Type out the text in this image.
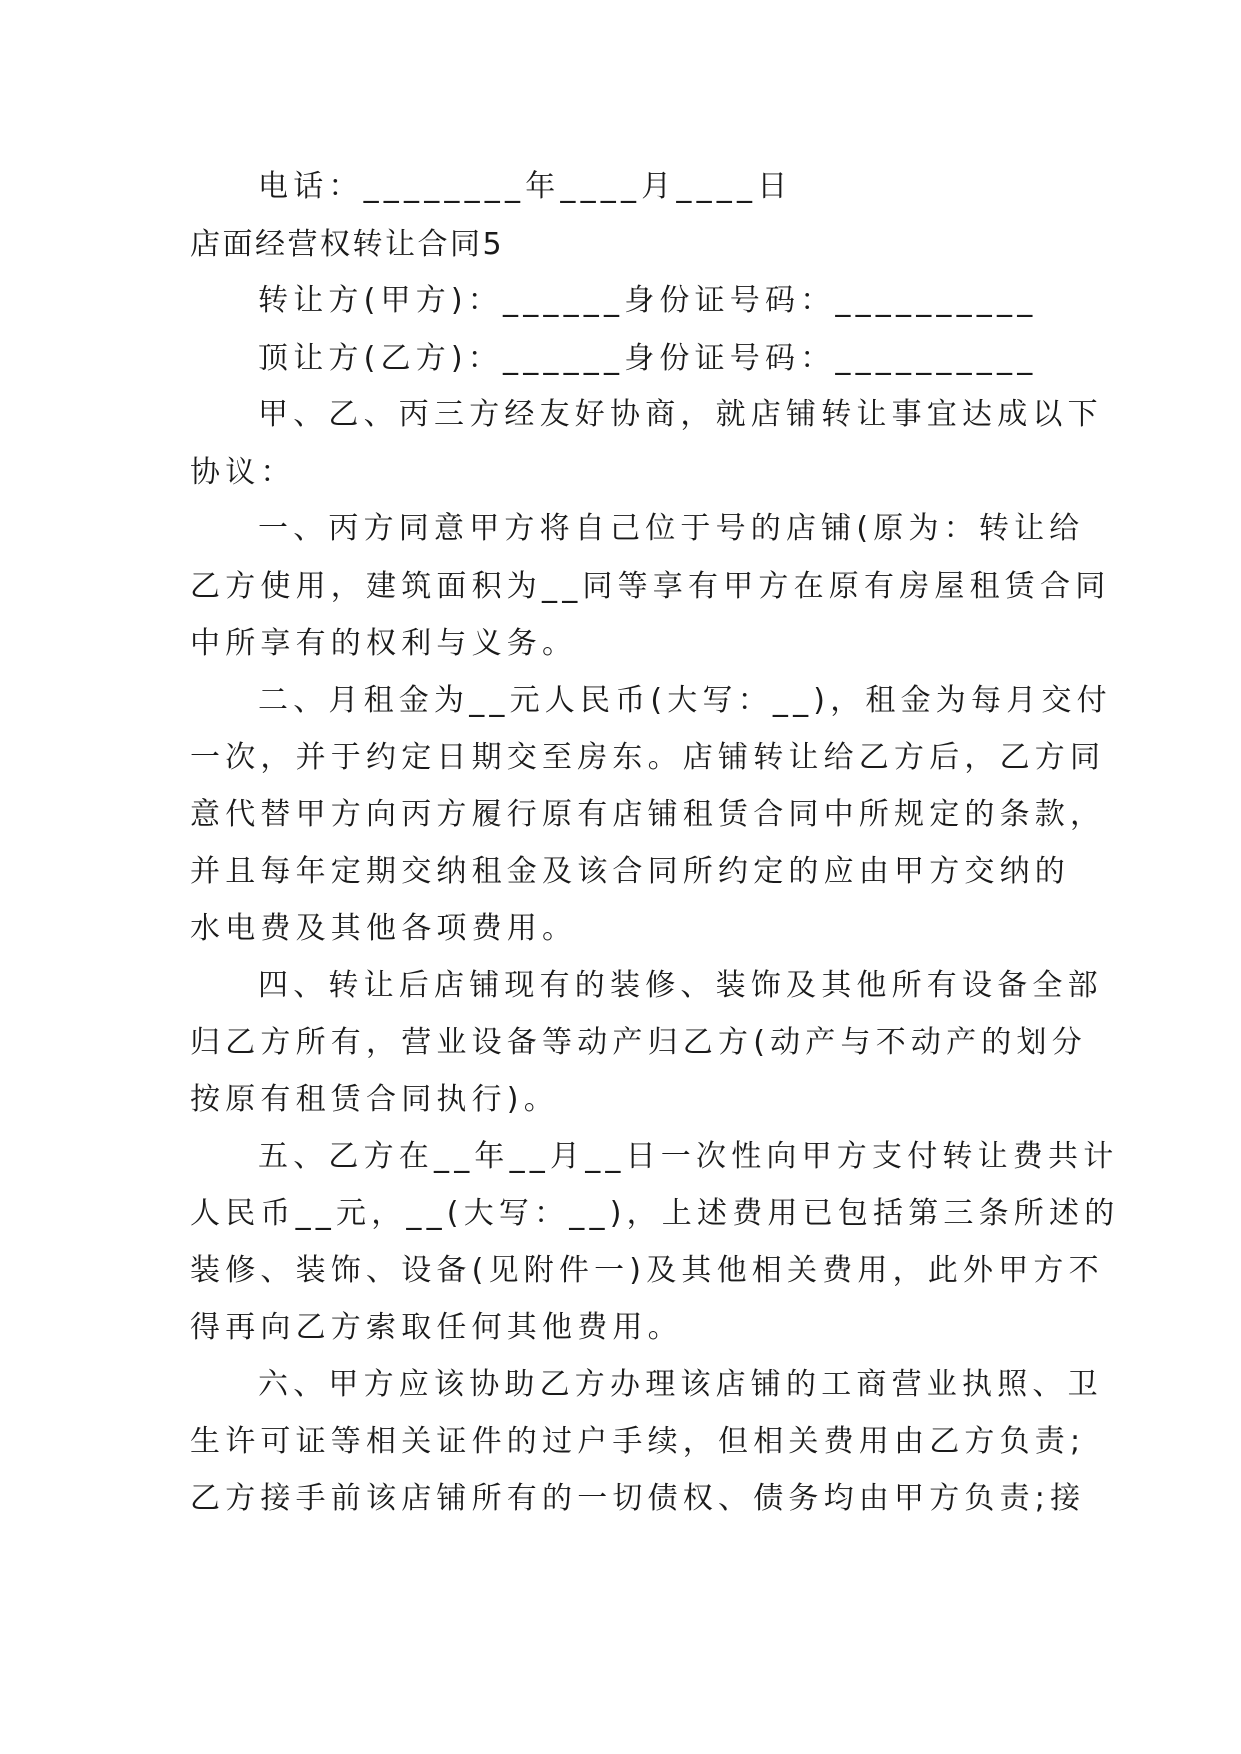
电话：________年____月____日
店面经营权转让合同5
转让方(甲方)：______身份证号码：__________
顶让方(乙方)：______身份证号码：__________
甲、乙、丙三方经友好协商，就店铺转让事宜达成以下
协议：
一、丙方同意甲方将自己位于号的店铺(原为：转让给
乙方使用，建筑面积为__同等享有甲方在原有房屋租赁合同
中所享有的权利与义务。
二、月租金为__元人民币(大写：__)，租金为每月交付
一次，并于约定日期交至房东。店铺转让给乙方后，乙方同
意代替甲方向丙方履行原有店铺租赁合同中所规定的条款，
并且每年定期交纳租金及该合同所约定的应由甲方交纳的
水电费及其他各项费用。
四、转让后店铺现有的装修、装饰及其他所有设备全部
归乙方所有，营业设备等动产归乙方(动产与不动产的划分
按原有租赁合同执行)。
五、乙方在__年__月__日一次性向甲方支付转让费共计
人民币__元，__(大写：__)，上述费用已包括第三条所述的
装修、装饰、设备(见附件一)及其他相关费用，此外甲方不
得再向乙方索取任何其他费用。
六、甲方应该协助乙方办理该店铺的工商营业执照、卫
生许可证等相关证件的过户手续，但相关费用由乙方负责;
乙方接手前该店铺所有的一切债权、债务均由甲方负责;接
